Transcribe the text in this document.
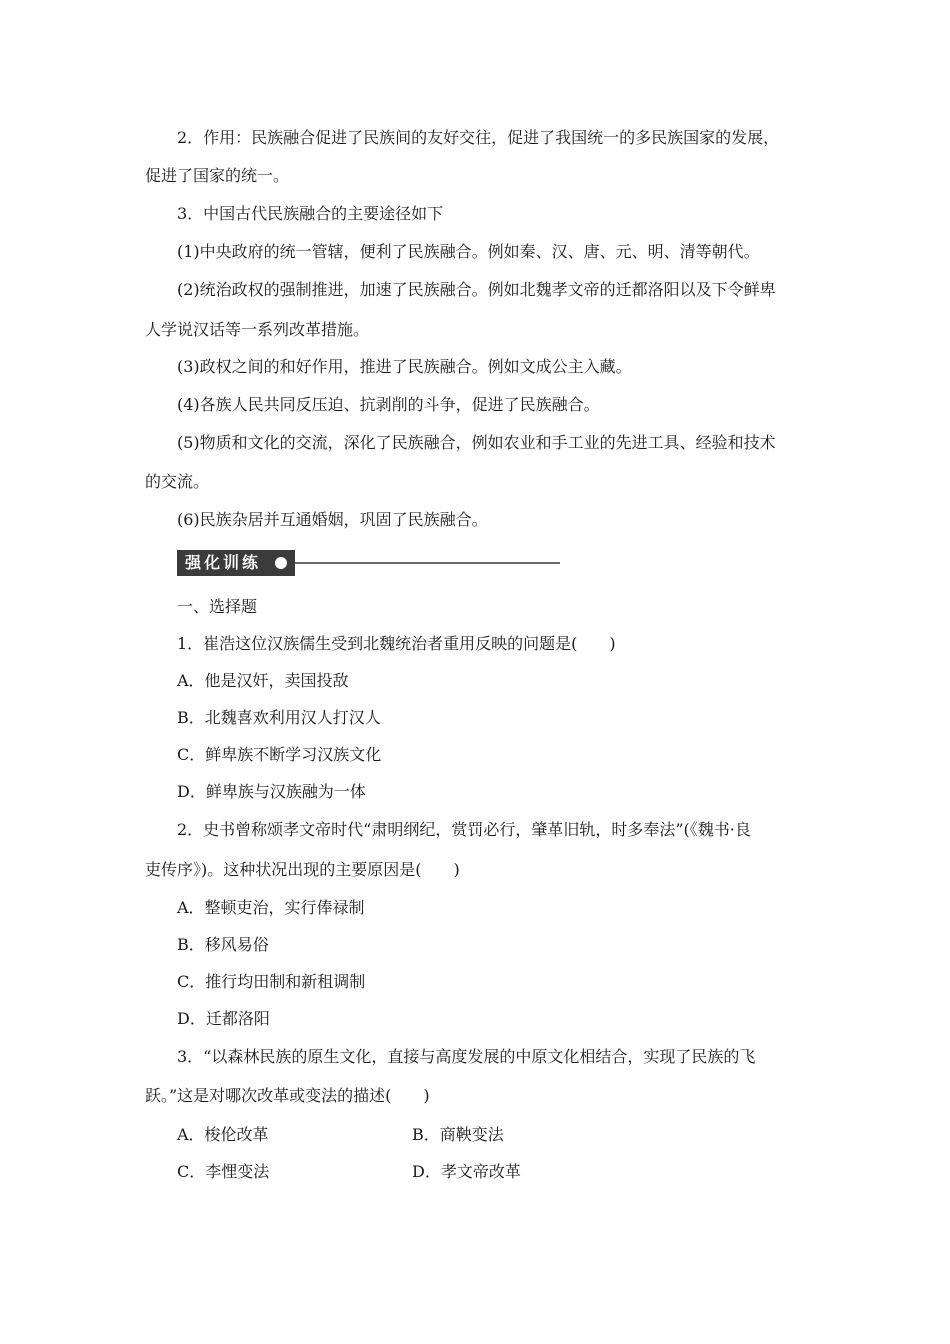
2．作用：民族融合促进了民族间的友好交往，促进了我国统一的多民族国家的发展，
促进了国家的统一。
3．中国古代民族融合的主要途径如下
(1)中央政府的统一管辖，便利了民族融合。例如秦、汉、唐、元、明、清等朝代。
(2)统治政权的强制推进，加速了民族融合。例如北魏孝文帝的迁都洛阳以及下令鲜卑
人学说汉话等一系列改革措施。
(3)政权之间的和好作用，推进了民族融合。例如文成公主入藏。
(4)各族人民共同反压迫、抗剥削的斗争，促进了民族融合。
(5)物质和文化的交流，深化了民族融合，例如农业和手工业的先进工具、经验和技术
的交流。
(6)民族杂居并互通婚姻，巩固了民族融合。
强化训练
一、选择题
1．崔浩这位汉族儒生受到北魏统治者重用反映的问题是(　　)
A．他是汉奸，卖国投敌
B．北魏喜欢利用汉人打汉人
C．鲜卑族不断学习汉族文化
D．鲜卑族与汉族融为一体
2．史书曾称颂孝文帝时代“肃明纲纪，赏罚必行，肇革旧轨，时多奉法”(《魏书·良
吏传序》)。这种状况出现的主要原因是(　　)
A．整顿吏治，实行俸禄制
B．移风易俗
C．推行均田制和新租调制
D．迁都洛阳
3．“以森林民族的原生文化，直接与高度发展的中原文化相结合，实现了民族的飞
跃。”这是对哪次改革或变法的描述(　　)
A．梭伦改革	B．商鞅变法
C．李悝变法	D．孝文帝改革
